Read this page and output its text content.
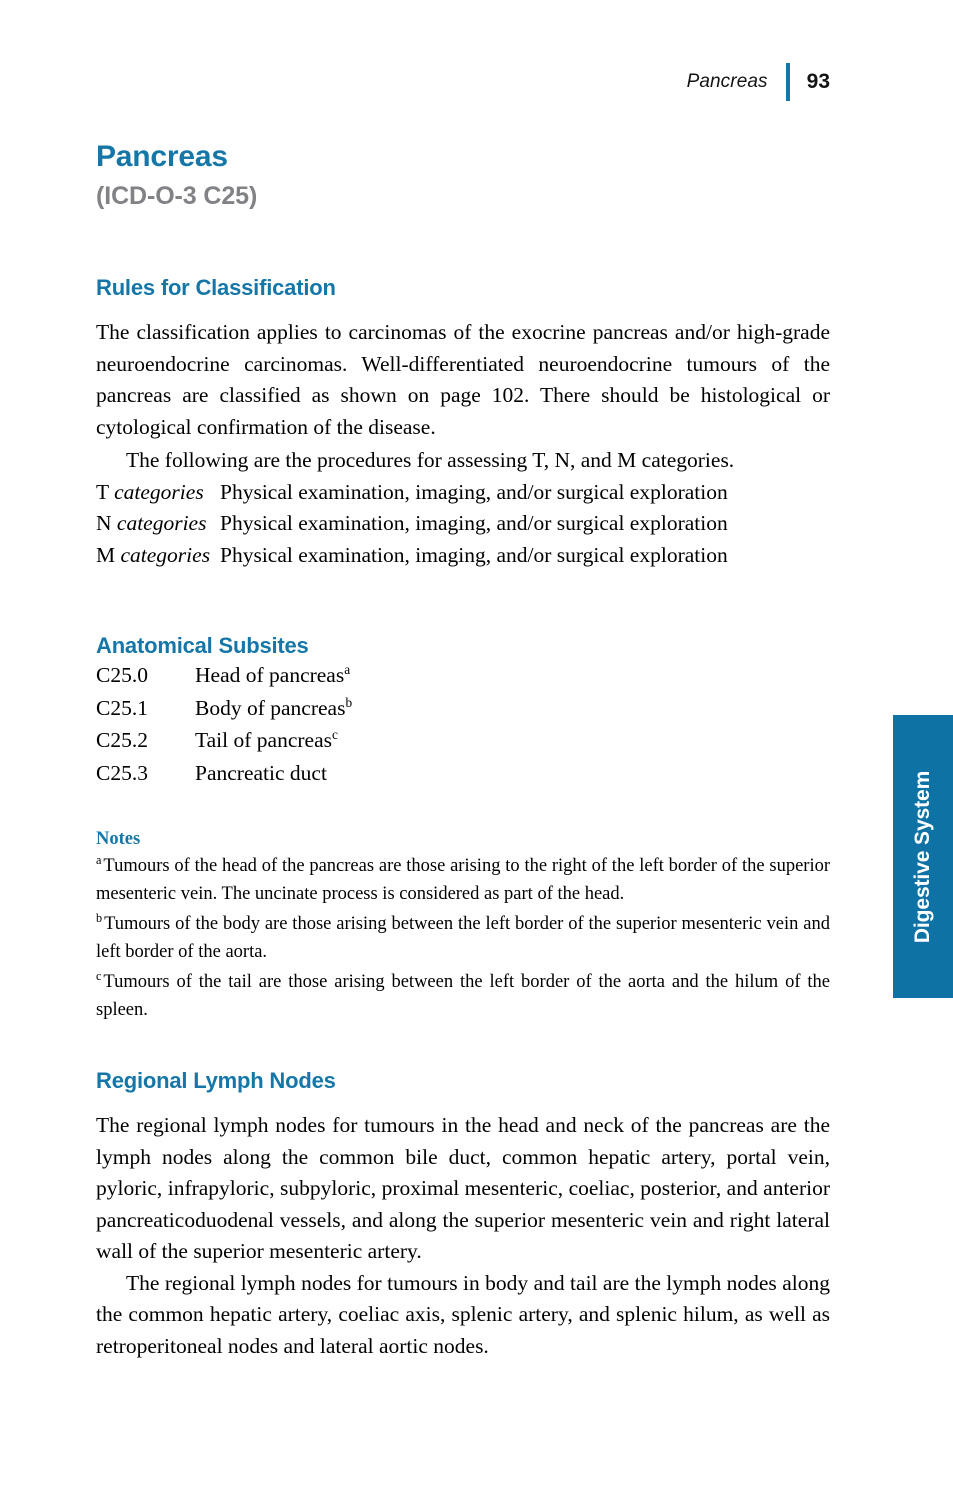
Pancreas	93
Pancreas
(ICD-O-3 C25)
Rules for Classification

The classification applies to carcinomas of the exocrine pancreas and/or high-grade neuroendocrine carcinomas. Well-differentiated neuroendocrine tumours of the pancreas are classified as shown on page 102. There should be histological or cytological confirmation of the disease.

The following are the procedures for assessing T, N, and M categories.

T categories	Physical examination, imaging, and/or surgical exploration
N categories	Physical examination, imaging, and/or surgical exploration
M categories	Physical examination, imaging, and/or surgical exploration
Anatomical Subsites
C25.0	Head of pancreas$^a$
C25.1	Body of pancreas$^b$
C25.2	Tail of pancreas$^c$
C25.3	Pancreatic duct
Notes

$^a$ Tumours of the head of the pancreas are those arising to the right of the left border of the superior mesenteric vein. The uncinate process is considered as part of the head.

$^b$ Tumours of the body are those arising between the left border of the superior mesenteric vein and left border of the aorta.

$^c$ Tumours of the tail are those arising between the left border of the aorta and the hilum of the spleen.

Regional Lymph Nodes

The regional lymph nodes for tumours in the head and neck of the pancreas are the lymph nodes along the common bile duct, common hepatic artery, portal vein, pyloric, infrapyloric, subpyloric, proximal mesenteric, coeliac, posterior, and anterior pancreaticoduodenal vessels, and along the superior mesenteric vein and right lateral wall of the superior mesenteric artery.

The regional lymph nodes for tumours in body and tail are the lymph nodes along the common hepatic artery, coeliac axis, splenic artery, and splenic hilum, as well as retroperitoneal nodes and lateral aortic nodes.

Digestive System
